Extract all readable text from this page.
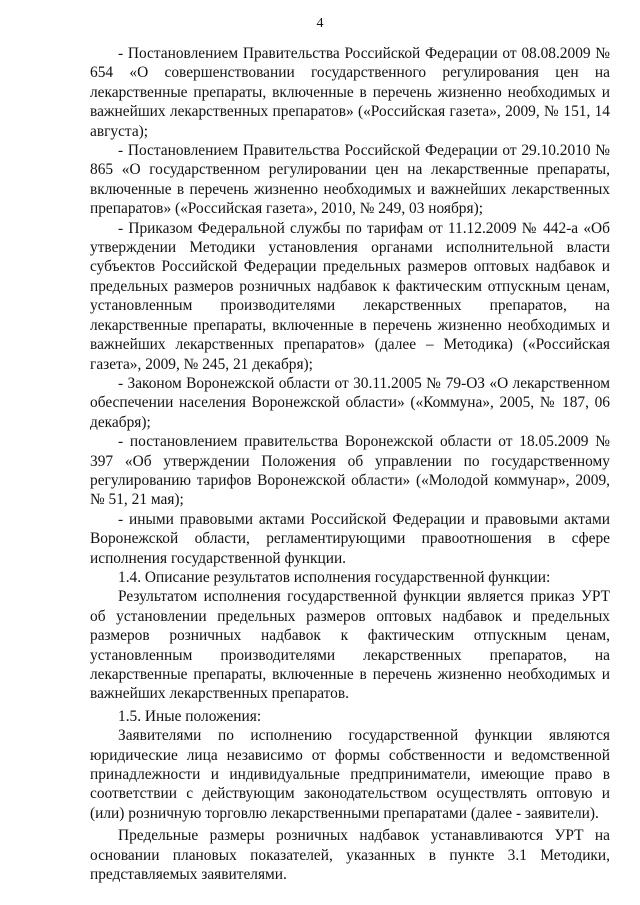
4

- Постановлением Правительства Российской Федерации от 08.08.2009 № 654 «О совершенствовании государственного регулирования цен на лекарственные препараты, включенные в перечень жизненно необходимых и важнейших лекарственных препаратов» («Российская газета», 2009, № 151, 14 августа);

- Постановлением Правительства Российской Федерации от 29.10.2010 № 865 «О государственном регулировании цен на лекарственные препараты, включенные в перечень жизненно необходимых и важнейших лекарственных препаратов» («Российская газета», 2010, № 249, 03 ноября);

- Приказом Федеральной службы по тарифам от 11.12.2009 № 442-а «Об утверждении Методики установления органами исполнительной власти субъектов Российской Федерации предельных размеров оптовых надбавок и предельных размеров розничных надбавок к фактическим отпускным ценам, установленным производителями лекарственных препаратов, на лекарственные препараты, включенные в перечень жизненно необходимых и важнейших лекарственных препаратов» (далее – Методика) («Российская газета», 2009, № 245, 21 декабря);

- Законом Воронежской области от 30.11.2005 № 79-ОЗ «О лекарственном обеспечении населения Воронежской области» («Коммуна», 2005, № 187, 06 декабря);

- постановлением правительства Воронежской области от 18.05.2009 № 397 «Об утверждении Положения об управлении по государственному регулированию тарифов Воронежской области» («Молодой коммунар», 2009, № 51, 21 мая);

- иными правовыми актами Российской Федерации и правовыми актами Воронежской области, регламентирующими правоотношения в сфере исполнения государственной функции.

1.4. Описание результатов исполнения государственной функции:

Результатом исполнения государственной функции является приказ УРТ об установлении предельных размеров оптовых надбавок и предельных размеров розничных надбавок к фактическим отпускным ценам, установленным производителями лекарственных препаратов, на лекарственные препараты, включенные в перечень жизненно необходимых и важнейших лекарственных препаратов.

1.5. Иные положения:

Заявителями по исполнению государственной функции являются юридические лица независимо от формы собственности и ведомственной принадлежности и индивидуальные предприниматели, имеющие право в соответствии с действующим законодательством осуществлять оптовую и (или) розничную торговлю лекарственными препаратами (далее - заявители).

Предельные размеры розничных надбавок устанавливаются УРТ на основании плановых показателей, указанных в пункте 3.1 Методики, представляемых заявителями.
